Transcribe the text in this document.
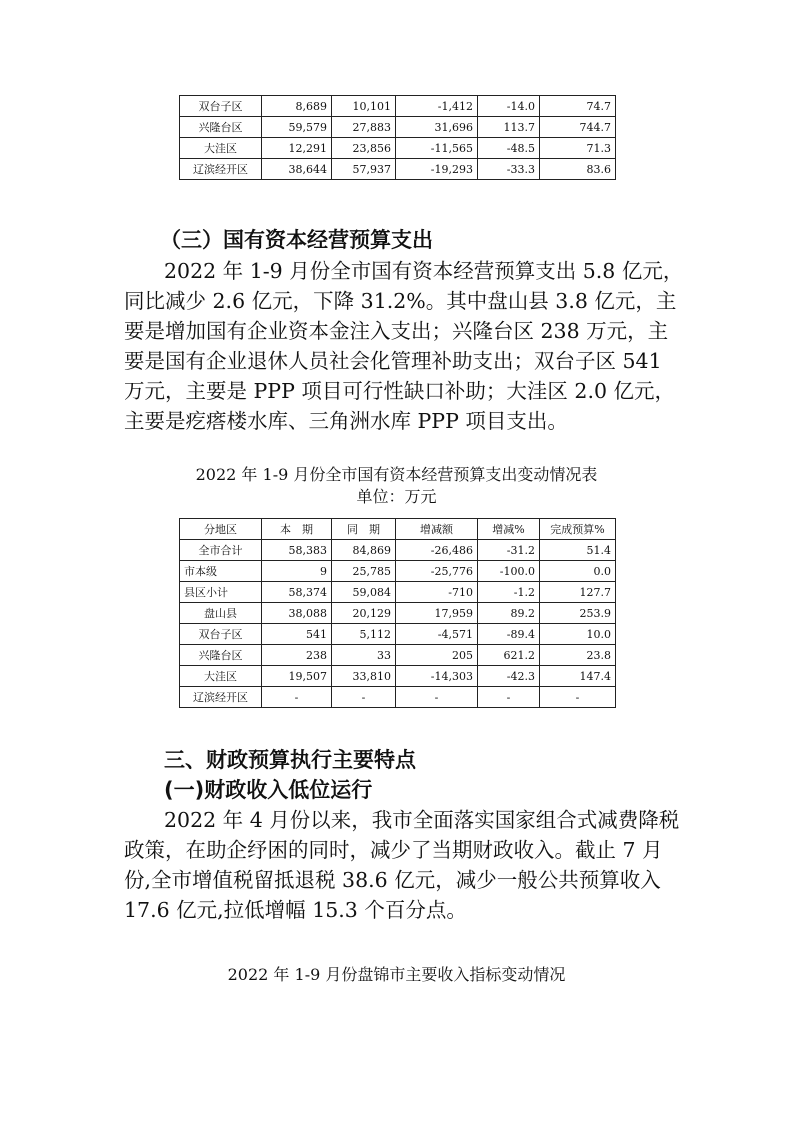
双台子区	8,689	10,101	-1,412	-14.0	74.7
兴隆台区	59,579	27,883	31,696	113.7	744.7
大洼区	12,291	23,856	-11,565	-48.5	71.3
辽滨经开区	38,644	57,937	-19,293	-33.3	83.6
（三）国有资本经营预算支出
2022 年 1-9 月份全市国有资本经营预算支出 5.8 亿元，
同比减少 2.6 亿元，下降 31.2%。其中盘山县 3.8 亿元，主
要是增加国有企业资本金注入支出；兴隆台区 238 万元，主
要是国有企业退休人员社会化管理补助支出；双台子区 541
万元，主要是 PPP 项目可行性缺口补助；大洼区 2.0 亿元，
主要是疙瘩楼水库、三角洲水库 PPP 项目支出。
2022 年 1-9 月份全市国有资本经营预算支出变动情况表
单位：万元
分地区	本　期	同　期	增减额	增减%	完成预算%
全市合计	58,383	84,869	-26,486	-31.2	51.4
市本级	9	25,785	-25,776	-100.0	0.0
县区小计	58,374	59,084	-710	-1.2	127.7
盘山县	38,088	20,129	17,959	89.2	253.9
双台子区	541	5,112	-4,571	-89.4	10.0
兴隆台区	238	33	205	621.2	23.8
大洼区	19,507	33,810	-14,303	-42.3	147.4
辽滨经开区	-	-	-	-	-
三、财政预算执行主要特点
(一)财政收入低位运行
2022 年 4 月份以来，我市全面落实国家组合式减费降税
政策，在助企纾困的同时，减少了当期财政收入。截止 7 月
份,全市增值税留抵退税 38.6 亿元，减少一般公共预算收入
17.6 亿元,拉低增幅 15.3 个百分点。
2022 年 1-9 月份盘锦市主要收入指标变动情况
